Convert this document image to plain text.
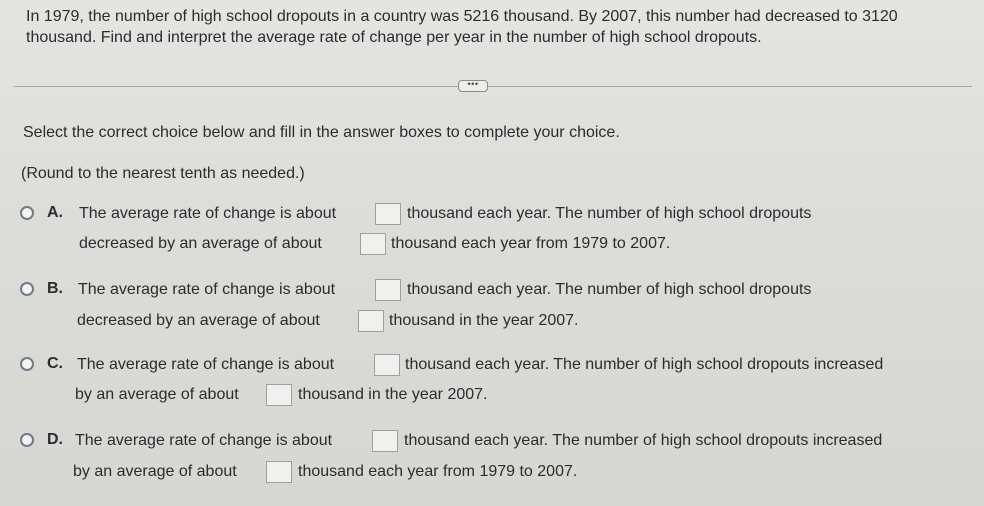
In 1979, the number of high school dropouts in a country was 5216 thousand. By 2007, this number had decreased to 3120 thousand. Find and interpret the average rate of change per year in the number of high school dropouts.

•••

Select the correct choice below and fill in the answer boxes to complete your choice.

(Round to the nearest tenth as needed.)

A. The average rate of change is about	thousand each year. The number of high school dropouts
decreased by an average of about	thousand each year from 1979 to 2007.
B. The average rate of change is about	thousand each year. The number of high school dropouts
decreased by an average of about	thousand in the year 2007.
C. The average rate of change is about	thousand each year. The number of high school dropouts increased
by an average of about	thousand in the year 2007.
D. The average rate of change is about	thousand each year. The number of high school dropouts increased
by an average of about	thousand each year from 1979 to 2007.
